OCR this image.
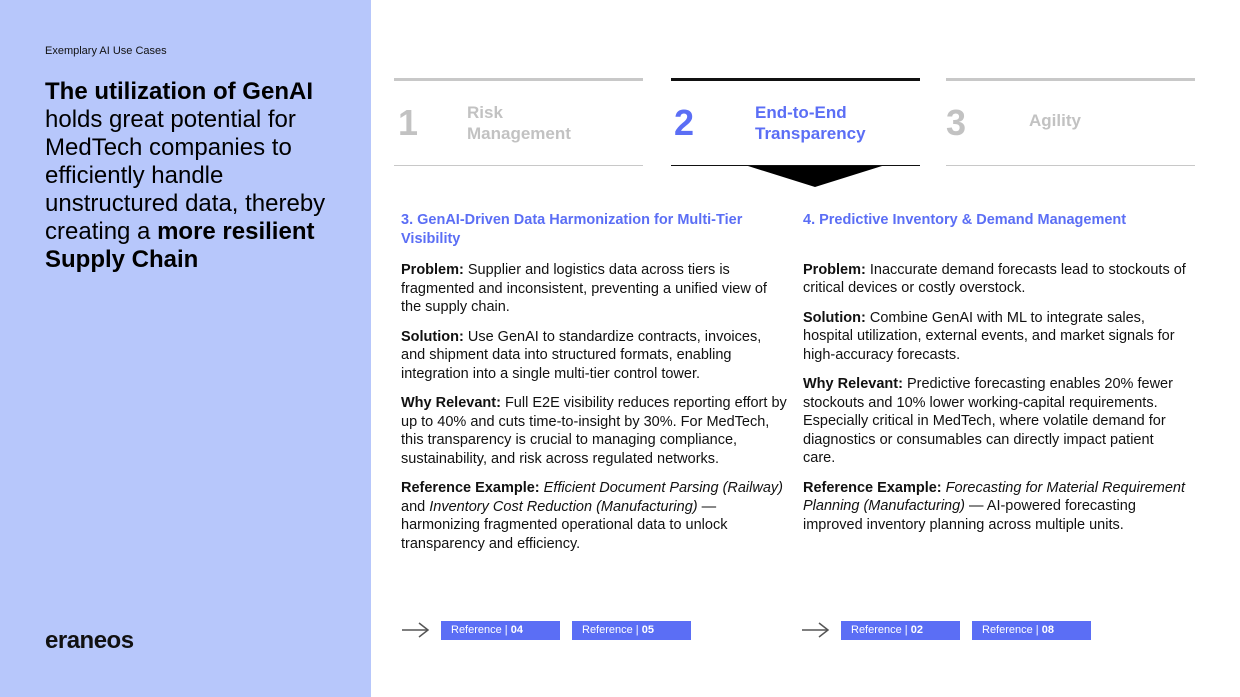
Exemplary AI Use Cases
The utilization of GenAI holds great potential for MedTech companies to efficiently handle unstructured data, thereby creating a more resilient Supply Chain
eraneos
1	Risk
Management	2	End-to-End
Transparency 3	Agility
3. GenAI-Driven Data Harmonization for Multi-Tier Visibility

Problem: Supplier and logistics data across tiers is fragmented and inconsistent, preventing a unified view of the supply chain.

Solution: Use GenAI to standardize contracts, invoices, and shipment data into structured formats, enabling integration into a single multi-tier control tower.

Why Relevant: Full E2E visibility reduces reporting effort by up to 40% and cuts time-to-insight by 30%. For MedTech, this transparency is crucial to managing compliance, sustainability, and risk across regulated networks.

Reference Example: Efficient Document Parsing (Railway) and Inventory Cost Reduction (Manufacturing) — harmonizing fragmented operational data to unlock transparency and efficiency.

4. Predictive Inventory & Demand Management

Problem: Inaccurate demand forecasts lead to stockouts of critical devices or costly overstock.

Solution: Combine GenAI with ML to integrate sales, hospital utilization, external events, and market signals for high-accuracy forecasts.

Why Relevant: Predictive forecasting enables 20% fewer stockouts and 10% lower working-capital requirements. Especially critical in MedTech, where volatile demand for diagnostics or consumables can directly impact patient care.

Reference Example: Forecasting for Material Requirement Planning (Manufacturing) — AI-powered forecasting improved inventory planning across multiple units.

Reference | 04	Reference | 05	Reference | 02	Reference | 08
